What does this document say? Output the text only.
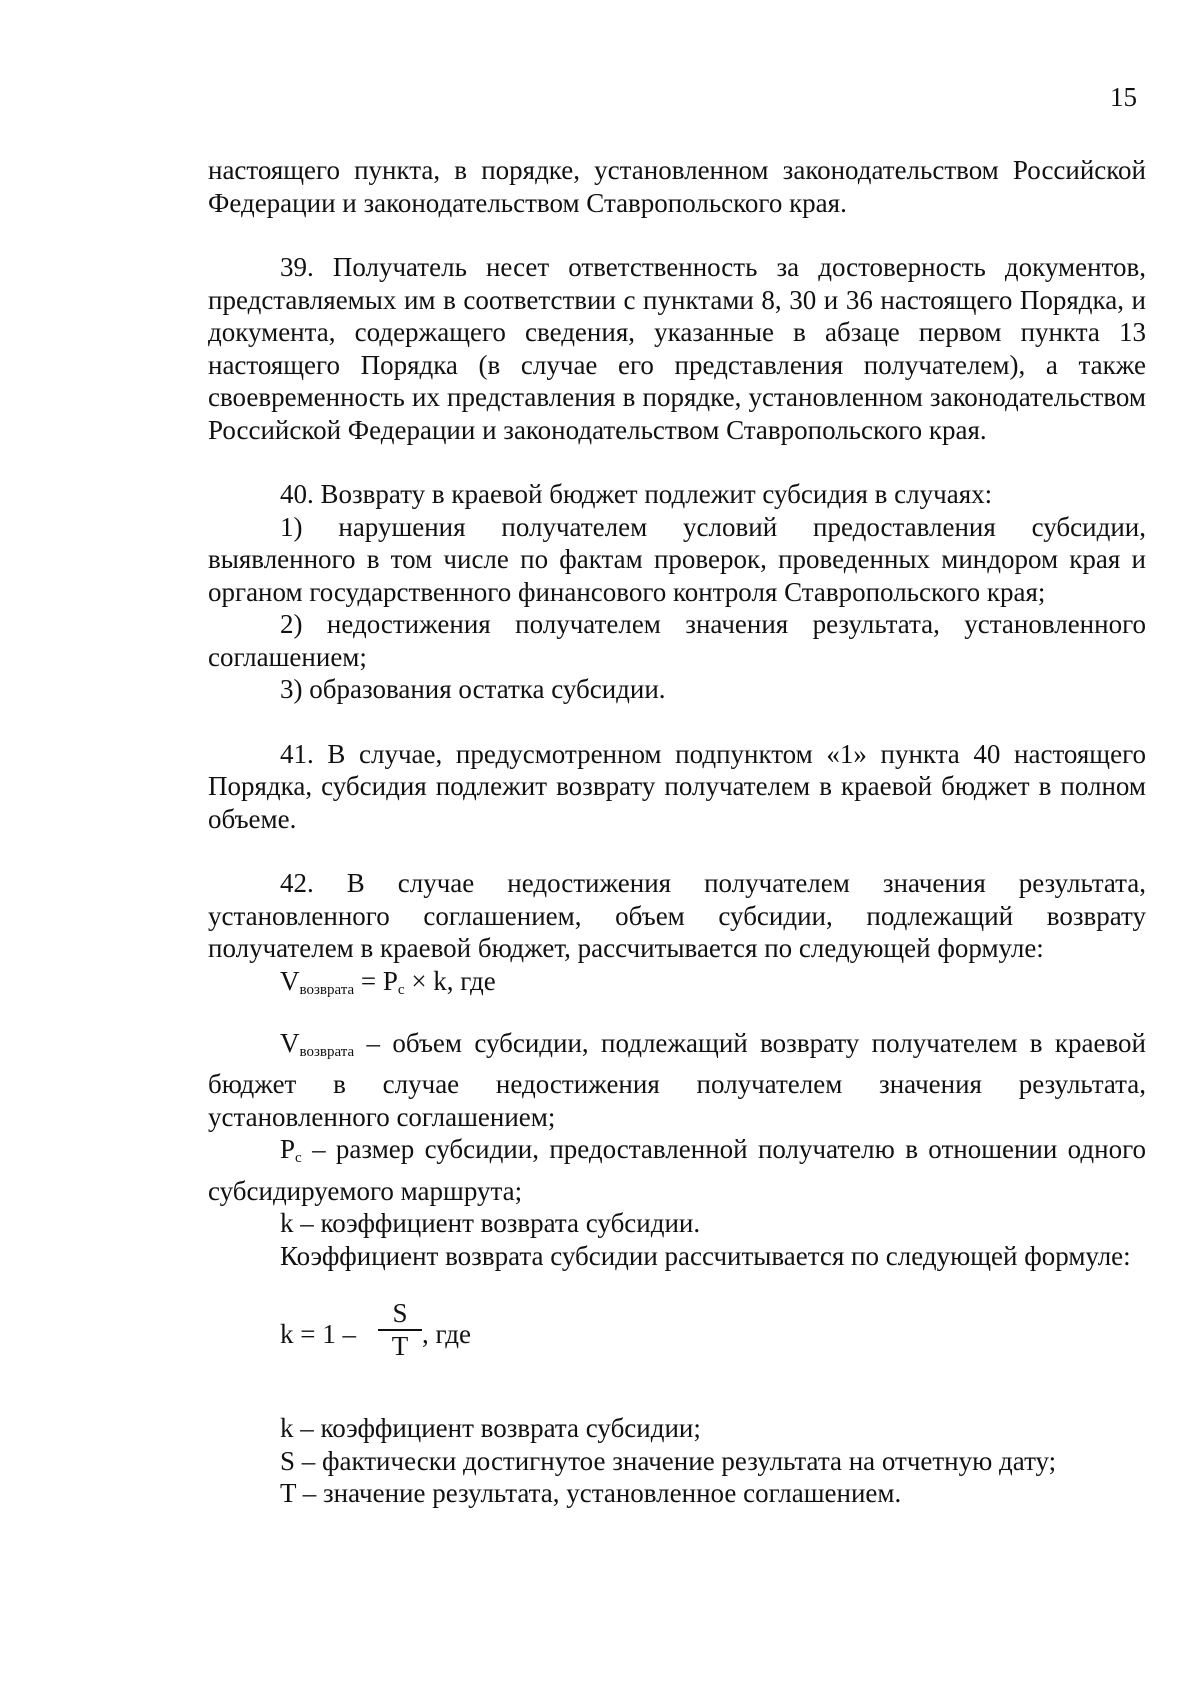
15

настоящего пункта, в порядке, установленном законодательством Российской Федерации и законодательством Ставропольского края.

39. Получатель несет ответственность за достоверность документов, представляемых им в соответствии с пунктами 8, 30 и 36 настоящего Порядка, и документа, содержащего сведения, указанные в абзаце первом пункта 13 настоящего Порядка (в случае его представления получателем), а также своевременность их представления в порядке, установленном законодательством Российской Федерации и законодательством Ставропольского края.

40. Возврату в краевой бюджет подлежит субсидия в случаях:

1) нарушения получателем условий предоставления субсидии, выявленного в том числе по фактам проверок, проведенных миндором края и органом государственного финансового контроля Ставропольского края;

2) недостижения получателем значения результата, установленного соглашением;

3) образования остатка субсидии.

41. В случае, предусмотренном подпунктом «1» пункта 40 настоящего Порядка, субсидия подлежит возврату получателем в краевой бюджет в полном объеме.

42. В случае недостижения получателем значения результата, установленного соглашением, объем субсидии, подлежащий возврату получателем в краевой бюджет, рассчитывается по следующей формуле:

$V_{возврата} = P_c \times k$, где

$V_{возврата}$ – объем субсидии, подлежащий возврату получателем в краевой бюджет в случае недостижения получателем значения результата, установленного соглашением;

$P_c$ – размер субсидии, предоставленной получателю в отношении одного субсидируемого маршрута;

k – коэффициент возврата субсидии.

Коэффициент возврата субсидии рассчитывается по следующей формуле:

$k = 1 - \frac{S}{T}$ , где

k – коэффициент возврата субсидии;

S – фактически достигнутое значение результата на отчетную дату;

T – значение результата, установленное соглашением.
